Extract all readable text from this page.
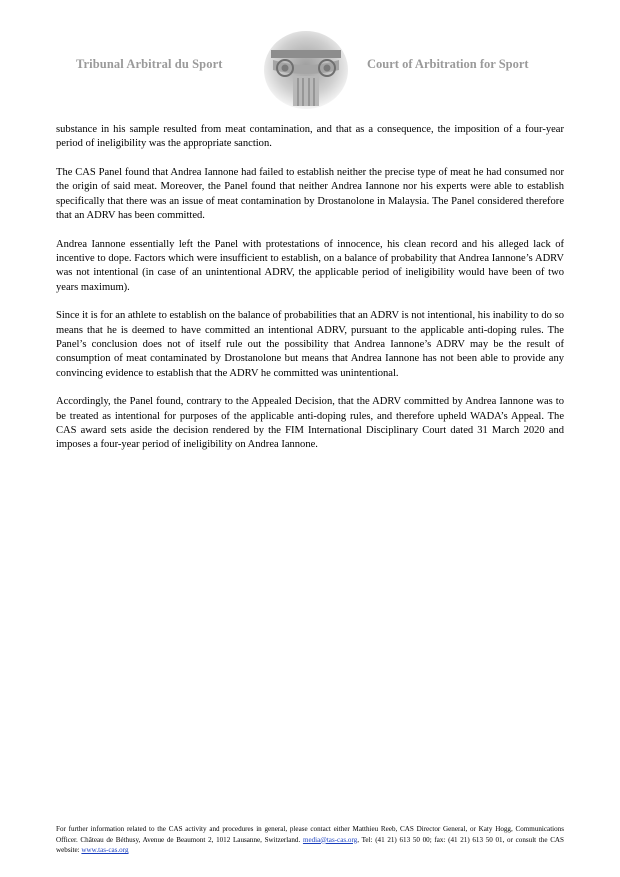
Tribunal Arbitral du Sport	Court of Arbitration for Sport

substance in his sample resulted from meat contamination, and that as a consequence, the imposition of a four-year period of ineligibility was the appropriate sanction.

The CAS Panel found that Andrea Iannone had failed to establish neither the precise type of meat he had consumed nor the origin of said meat. Moreover, the Panel found that neither Andrea Iannone nor his experts were able to establish specifically that there was an issue of meat contamination by Drostanolone in Malaysia. The Panel considered therefore that an ADRV has been committed.

Andrea Iannone essentially left the Panel with protestations of innocence, his clean record and his alleged lack of incentive to dope. Factors which were insufficient to establish, on a balance of probability that Andrea Iannone’s ADRV was not intentional (in case of an unintentional ADRV, the applicable period of ineligibility would have been of two years maximum).

Since it is for an athlete to establish on the balance of probabilities that an ADRV is not intentional, his inability to do so means that he is deemed to have committed an intentional ADRV, pursuant to the applicable anti-doping rules. The Panel’s conclusion does not of itself rule out the possibility that Andrea Iannone’s ADRV may be the result of consumption of meat contaminated by Drostanolone but means that Andrea Iannone has not been able to provide any convincing evidence to establish that the ADRV he committed was unintentional.

Accordingly, the Panel found, contrary to the Appealed Decision, that the ADRV committed by Andrea Iannone was to be treated as intentional for purposes of the applicable anti-doping rules, and therefore upheld WADA’s Appeal. The CAS award sets aside the decision rendered by the FIM International Disciplinary Court dated 31 March 2020 and imposes a four-year period of ineligibility on Andrea Iannone.

For further information related to the CAS activity and procedures in general, please contact either Matthieu Reeb, CAS Director General, or Katy Hogg, Communications Officer. Château de Béthusy, Avenue de Beaumont 2, 1012 Lausanne, Switzerland. media@tas-cas.org, Tel: (41 21) 613 50 00; fax: (41 21) 613 50 01, or consult the CAS website: www.tas-cas.org
